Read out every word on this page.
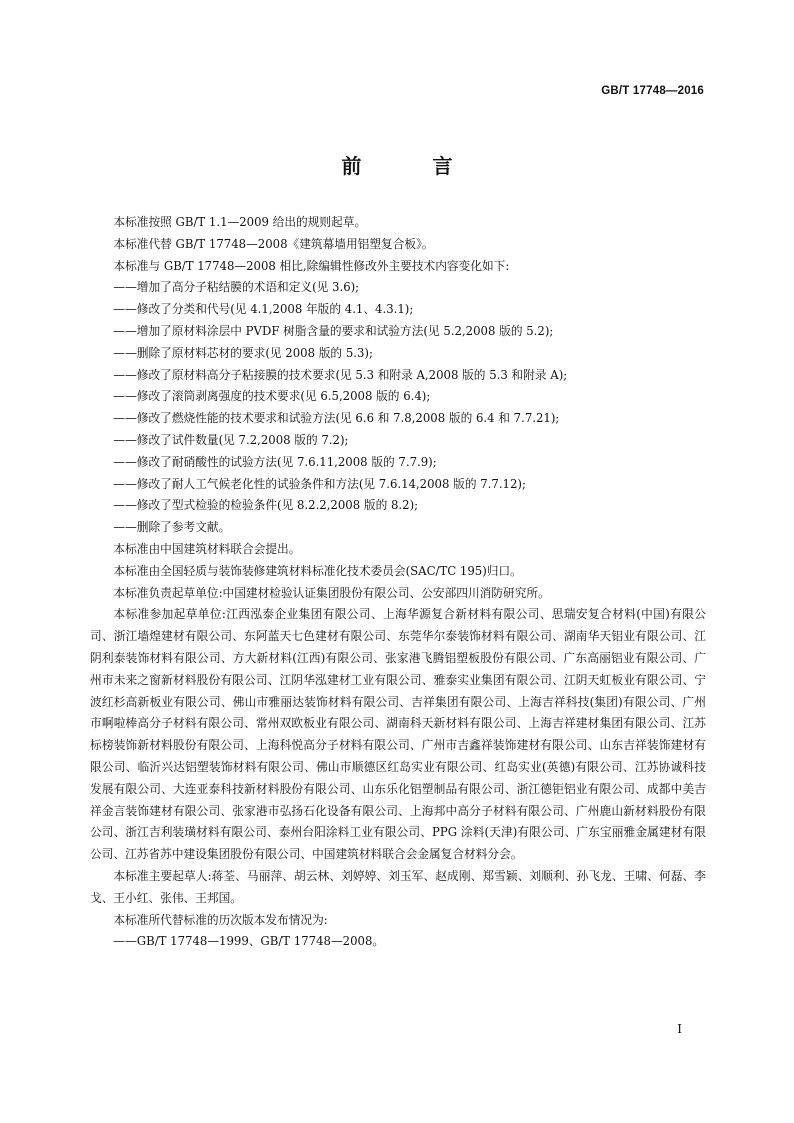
GB/T 17748—2016
前 言

本标准按照 GB/T 1.1—2009 给出的规则起草。

本标准代替 GB/T 17748—2008《建筑幕墙用铝塑复合板》。

本标准与 GB/T 17748—2008 相比,除编辑性修改外主要技术内容变化如下:

——增加了高分子粘结膜的术语和定义(见 3.6);
——修改了分类和代号(见 4.1,2008 年版的 4.1、4.3.1);
——增加了原材料涂层中 PVDF 树脂含量的要求和试验方法(见 5.2,2008 版的 5.2);
——删除了原材料芯材的要求(见 2008 版的 5.3);
——修改了原材料高分子粘接膜的技术要求(见 5.3 和附录 A,2008 版的 5.3 和附录 A);
——修改了滚筒剥离强度的技术要求(见 6.5,2008 版的 6.4);
——修改了燃烧性能的技术要求和试验方法(见 6.6 和 7.8,2008 版的 6.4 和 7.7.21);
——修改了试件数量(见 7.2,2008 版的 7.2);
——修改了耐硝酸性的试验方法(见 7.6.11,2008 版的 7.7.9);
——修改了耐人工气候老化性的试验条件和方法(见 7.6.14,2008 版的 7.7.12);
——修改了型式检验的检验条件(见 8.2.2,2008 版的 8.2);
——删除了参考文献。

本标准由中国建筑材料联合会提出。

本标准由全国轻质与装饰装修建筑材料标准化技术委员会(SAC/TC 195)归口。

本标准负责起草单位:中国建材检验认证集团股份有限公司、公安部四川消防研究所。

本标准参加起草单位:江西泓泰企业集团有限公司、上海华源复合新材料有限公司、思瑞安复合材料(中国)有限公司、浙江墙煌建材有限公司、东阿蓝天七色建材有限公司、东莞华尔泰装饰材料有限公司、湖南华天铝业有限公司、江阴利泰装饰材料有限公司、方大新材料(江西)有限公司、张家港飞腾铝塑板股份有限公司、广东高丽铝业有限公司、广州市未来之窗新材料股份有限公司、江阴华泓建材工业有限公司、雅泰实业集团有限公司、江阴天虹板业有限公司、宁波红杉高新板业有限公司、佛山市雅丽达装饰材料有限公司、吉祥集团有限公司、上海吉祥科技(集团)有限公司、广州市啊啦棒高分子材料有限公司、常州双欧板业有限公司、湖南科天新材料有限公司、上海吉祥建材集团有限公司、江苏标榜装饰新材料股份有限公司、上海科悦高分子材料有限公司、广州市吉鑫祥装饰建材有限公司、山东吉祥装饰建材有限公司、临沂兴达铝塑装饰材料有限公司、佛山市顺德区红岛实业有限公司、红岛实业(英德)有限公司、江苏协诚科技发展有限公司、大连亚泰科技新材料股份有限公司、山东乐化铝塑制品有限公司、浙江德钜铝业有限公司、成都中美吉祥金言装饰建材有限公司、张家港市弘扬石化设备有限公司、上海邦中高分子材料有限公司、广州鹿山新材料股份有限公司、浙江吉利装璜材料有限公司、泰州台阳涂料工业有限公司、PPG 涂料(天津)有限公司、广东宝丽雅金属建材有限公司、江苏省苏中建设集团股份有限公司、中国建筑材料联合会金属复合材料分会。

本标准主要起草人:蒋荃、马丽萍、胡云林、刘婷婷、刘玉军、赵成刚、郑雪颖、刘顺利、孙飞龙、王啸、何磊、李戈、王小红、张伟、王邦国。

本标准所代替标准的历次版本发布情况为:

——GB/T 17748—1999、GB/T 17748—2008。
I
